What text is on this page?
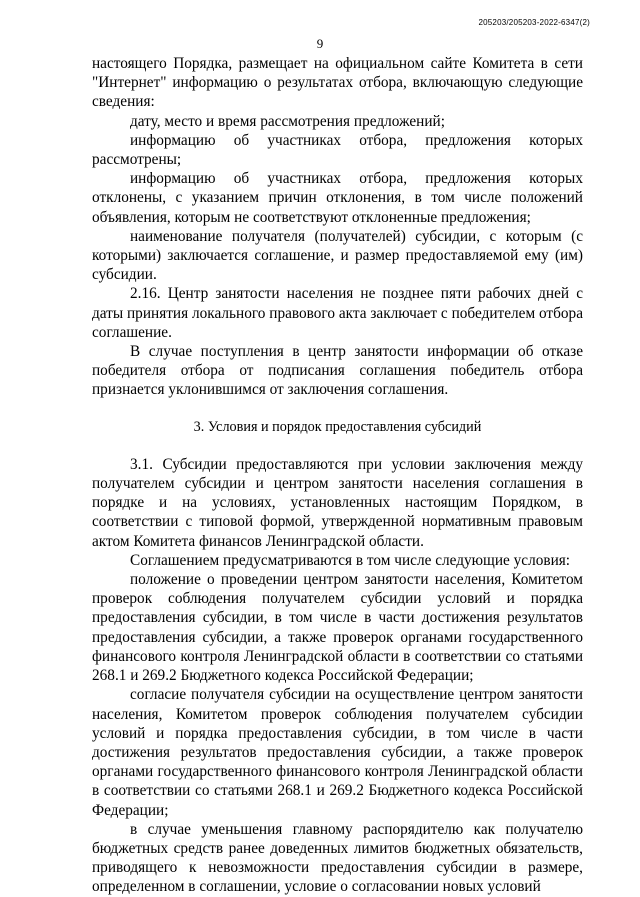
205203/205203-2022-6347(2)
9

настоящего Порядка, размещает на официальном сайте Комитета в сети "Интернет" информацию о результатах отбора, включающую следующие сведения:

дату, место и время рассмотрения предложений;

информацию об участниках отбора, предложения которых рассмотрены;

информацию об участниках отбора, предложения которых отклонены, с указанием причин отклонения, в том числе положений объявления, которым не соответствуют отклоненные предложения;

наименование получателя (получателей) субсидии, с которым (с которыми) заключается соглашение, и размер предоставляемой ему (им) субсидии.

2.16. Центр занятости населения не позднее пяти рабочих дней с даты принятия локального правового акта заключает с победителем отбора соглашение.

В случае поступления в центр занятости информации об отказе победителя отбора от подписания соглашения победитель отбора признается уклонившимся от заключения соглашения.

3. Условия и порядок предоставления субсидий

3.1. Субсидии предоставляются при условии заключения между получателем субсидии и центром занятости населения соглашения в порядке и на условиях, установленных настоящим Порядком, в соответствии с типовой формой, утвержденной нормативным правовым актом Комитета финансов Ленинградской области.

Соглашением предусматриваются в том числе следующие условия:

положение о проведении центром занятости населения, Комитетом проверок соблюдения получателем субсидии условий и порядка предоставления субсидии, в том числе в части достижения результатов предоставления субсидии, а также проверок органами государственного финансового контроля Ленинградской области в соответствии со статьями 268.1 и 269.2 Бюджетного кодекса Российской Федерации;

согласие получателя субсидии на осуществление центром занятости населения, Комитетом проверок соблюдения получателем субсидии условий и порядка предоставления субсидии, в том числе в части достижения результатов предоставления субсидии, а также проверок органами государственного финансового контроля Ленинградской области в соответствии со статьями 268.1 и 269.2 Бюджетного кодекса Российской Федерации;

в случае уменьшения главному распорядителю как получателю бюджетных средств ранее доведенных лимитов бюджетных обязательств, приводящего к невозможности предоставления субсидии в размере, определенном в соглашении, условие о согласовании новых условий
